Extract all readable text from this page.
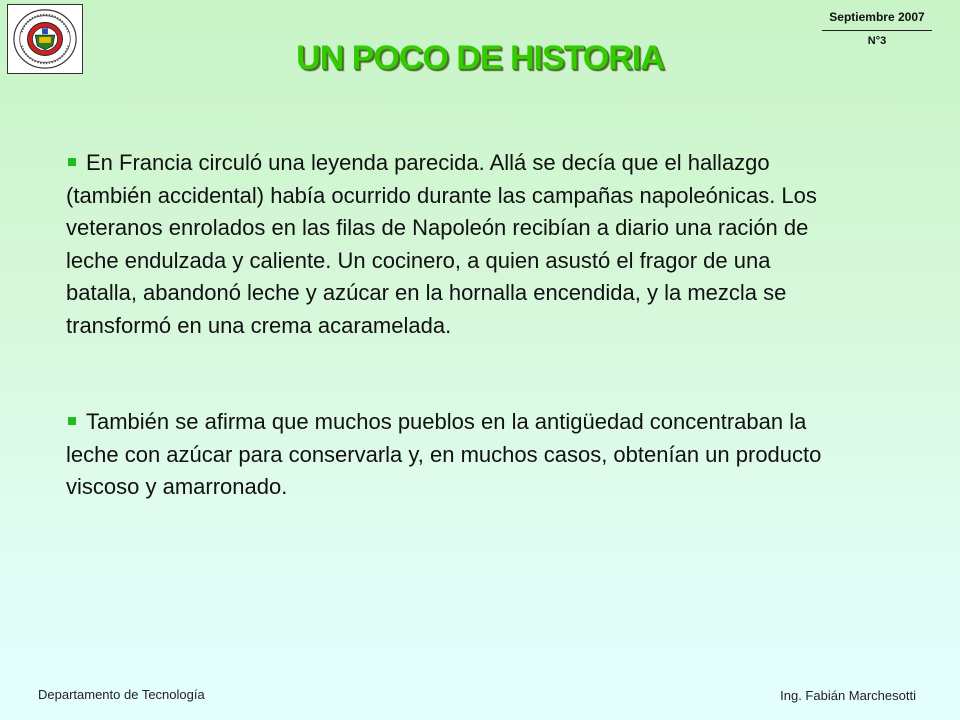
UN POCO DE HISTORIA
Septiembre 2007
N°3

En Francia circuló una leyenda parecida. Allá se decía que el hallazgo (también accidental) había ocurrido durante las campañas napoleónicas. Los veteranos enrolados en las filas de Napoleón recibían a diario una ración de leche endulzada y caliente. Un cocinero, a quien asustó el fragor de una batalla, abandonó leche y azúcar en la hornalla encendida, y la mezcla se transformó en una crema acaramelada.

También se afirma que muchos pueblos en la antigüedad concentraban la leche con azúcar para conservarla y, en muchos casos, obtenían un producto viscoso y amarronado.

Departamento de Tecnología	Ing. Fabián Marchesotti
